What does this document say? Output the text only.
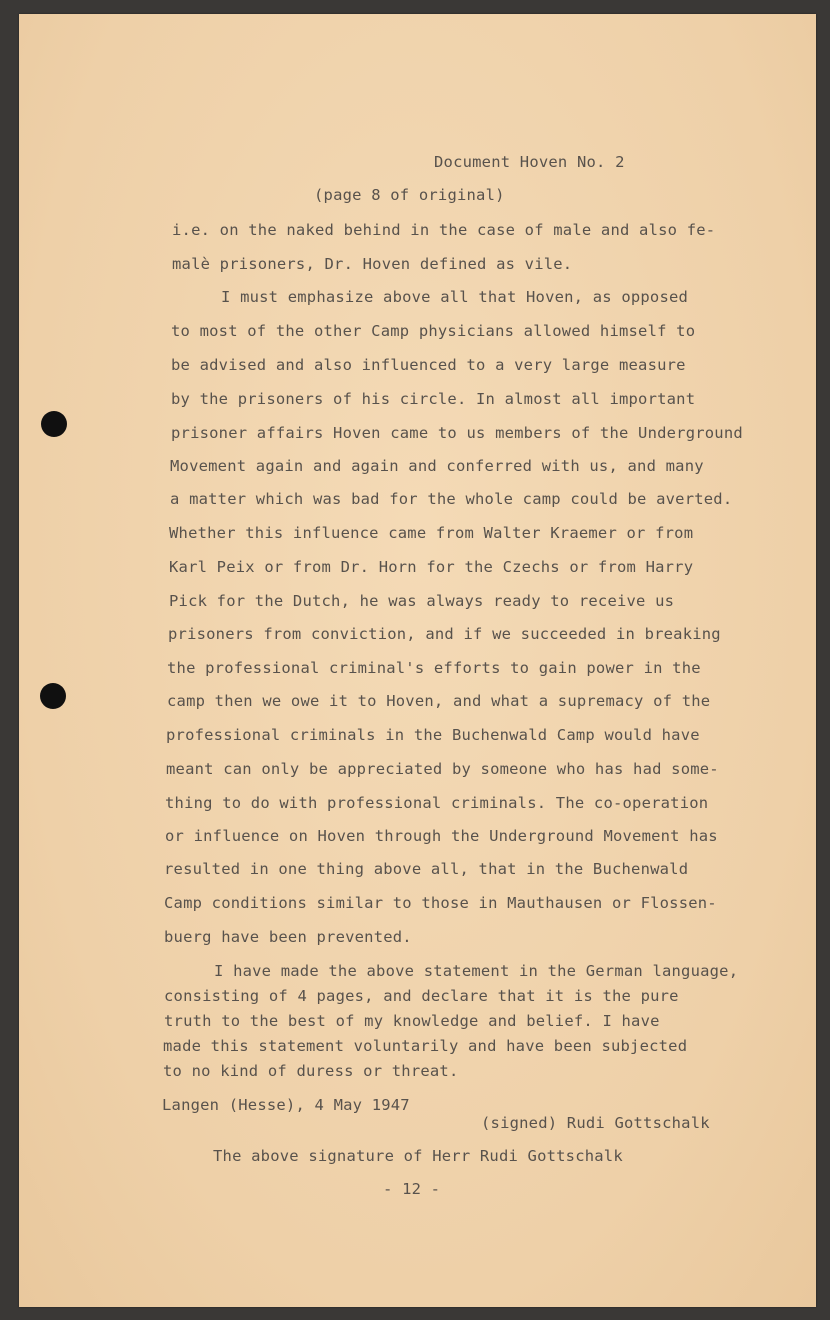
Document Hoven No. 2
(page 8 of original)
i.e. on the naked behind in the case of male and also fe-
malè prisoners, Dr. Hoven defined as vile.
I must emphasize above all that Hoven, as opposed
to most of the other Camp physicians allowed himself to
be advised and also influenced to a very large measure
by the prisoners of his circle. In almost all important
prisoner affairs Hoven came to us members of the Underground
Movement again and again and conferred with us, and many
a matter which was bad for the whole camp could be averted.
Whether this influence came from Walter Kraemer or from
Karl Peix or from Dr. Horn for the Czechs or from Harry
Pick for the Dutch, he was always ready to receive us
prisoners from conviction, and if we succeeded in breaking
the professional criminal's efforts to gain power in the
camp then we owe it to Hoven, and what a supremacy of the
professional criminals in the Buchenwald Camp would have
meant can only be appreciated by someone who has had some-
thing to do with professional criminals. The co-operation
or influence on Hoven through the Underground Movement has
resulted in one thing above all, that in the Buchenwald
Camp conditions similar to those in Mauthausen or Flossen-
buerg have been prevented.
I have made the above statement in the German language,
consisting of 4 pages, and declare that it is the pure
truth to the best of my knowledge and belief. I have
made this statement voluntarily and have been subjected
to no kind of duress or threat.
Langen (Hesse), 4 May 1947
(signed) Rudi Gottschalk
The above signature of Herr Rudi Gottschalk
- 12 -
